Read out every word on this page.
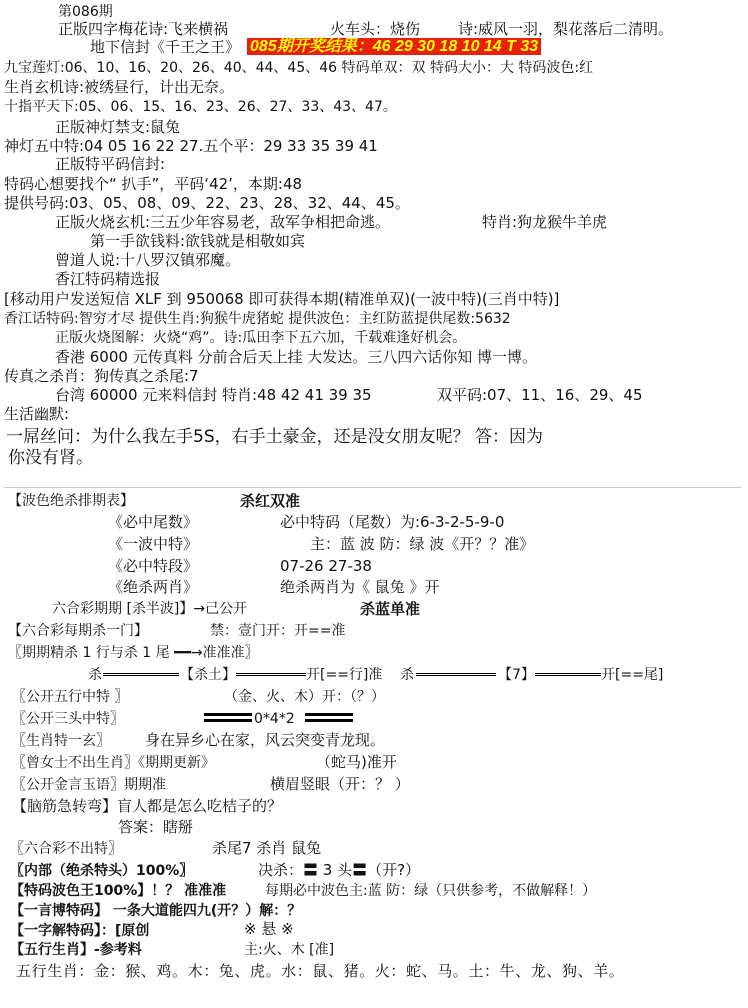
第086期
正版四字梅花诗:飞来横祸	火车头：烧伤	诗:威风一羽，梨花落后二清明。
地下信封《千王之王》 085期开奖结果：46 29 30 18 10 14 T 33
九宝莲灯:06、10、16、20、26、40、44、45、46 特码单双：双 特码大小：大 特码波色:红
生肖玄机诗:被绣昼行，计出无奈。
十指平天下:05、06、15、16、23、26、27、33、43、47。
正版神灯禁支:鼠兔
神灯五中特:04 05 16 22 27.五个平：29 33 35 39 41
正版特平码信封:
特码心想要找个“ 扒手”，平码‘42’，本期:48
提供号码:03、05、08、09、22、23、28、32、44、45。
正版火烧玄机:三五少年容易老，敌军争相把命逃。	特肖:狗龙猴牛羊虎
第一手欲钱料:欲钱就是相敬如宾
曾道人说:十八罗汉镇邪魔。
香江特码精选报
[移动用户发送短信 XLF 到 950068 即可获得本期(精准单双)(一波中特)(三肖中特)]
香江话特码:智穷才尽 提供生肖:狗猴牛虎猪蛇 提供波色：主红防蓝提供尾数:5632
正版火烧图解：火烧“鸡”。诗:瓜田李下五六加，千载难逢好机会。
香港 6000 元传真料 分前合后天上挂 大发达。三八四六话你知 博一博。
传真之杀肖：狗传真之杀尾:7
台湾 60000 元来料信封 特肖:48 42 41 39 35	双平码:07、11、16、29、45
生活幽默:
一屌丝问：为什么我左手5S，右手土豪金，还是没女朋友呢？ 答：因为
你没有肾。
【波色绝杀排期表】	杀红双准
《必中尾数》	必中特码（尾数）为:6-3-2-5-9-0
《一波中特》	主：蓝 波 防：绿 波《开？？准》
《必中特段》	07-26 27-38
《绝杀两肖》	绝杀两肖为《 鼠兔 》开
六合彩期期 [杀半波]】→己公开	杀蓝单准
【六合彩每期杀一门】	禁：壹门开：开==准
〖期期精杀 1 行与杀 1 尾 ━━→准准准〗
杀	【杀土】	开[==行]准 杀	【7】	开[==尾]
〖公开五行中特 〗	（金、火、木）开：（？）
〖公开三头中特〗	0*4*2
〖生肖特一玄〗 身在异乡心在家，风云突变青龙现。
〖曾女士不出生肖〗《期期更新》	（蛇马)准开
〖公开金言玉语〗期期准	横眉竖眼（开：？ ）
【脑筋急转弯】盲人都是怎么吃桔子的？
答案：瞎掰
〖六合彩不出特〗	杀尾7 杀肖 鼠兔
〖内部（绝杀特头）100%〗	决杀：〓 3 头〓（开?）
【特码波色王100%】！？ 准准准	每期必中波色主:蓝 防：绿（只供参考，不做解释！）
【一言博特码】 一条大道能四九(开？）解：？
【一字解特码】：[原创	※ 悬 ※
【五行生肖】-参考料	主:火、木 [准]
五行生肖：金：猴、鸡。木：兔、虎。水：鼠、猪。火：蛇、马。土：牛、龙、狗、羊。
